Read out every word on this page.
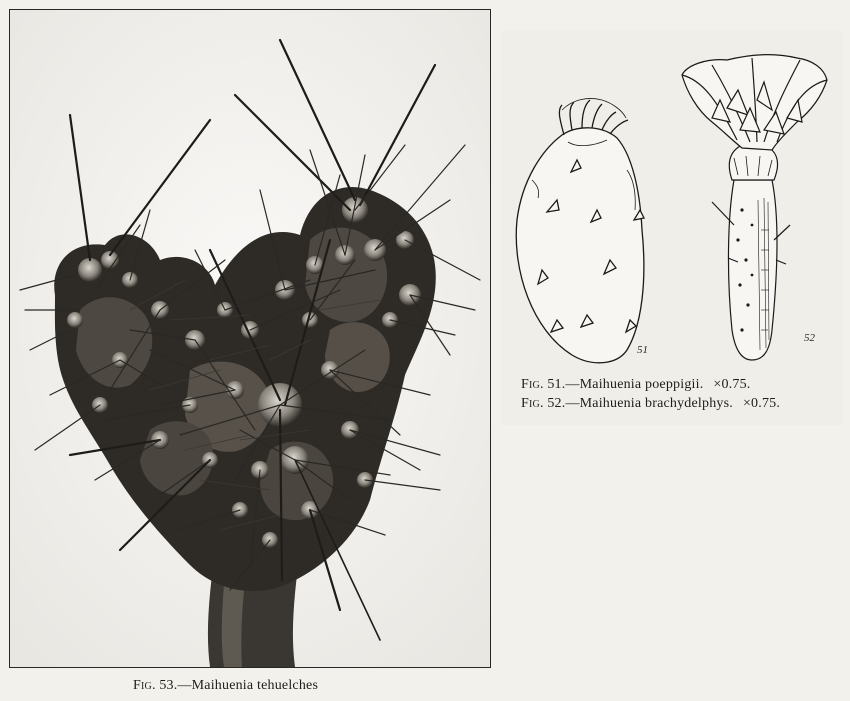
51
52
Fig. 51.—Maihuenia poeppigii. ×0.75.
Fig. 52.—Maihuenia brachydelphys. ×0.75.
Fig. 53.—Maihuenia tehuelches
